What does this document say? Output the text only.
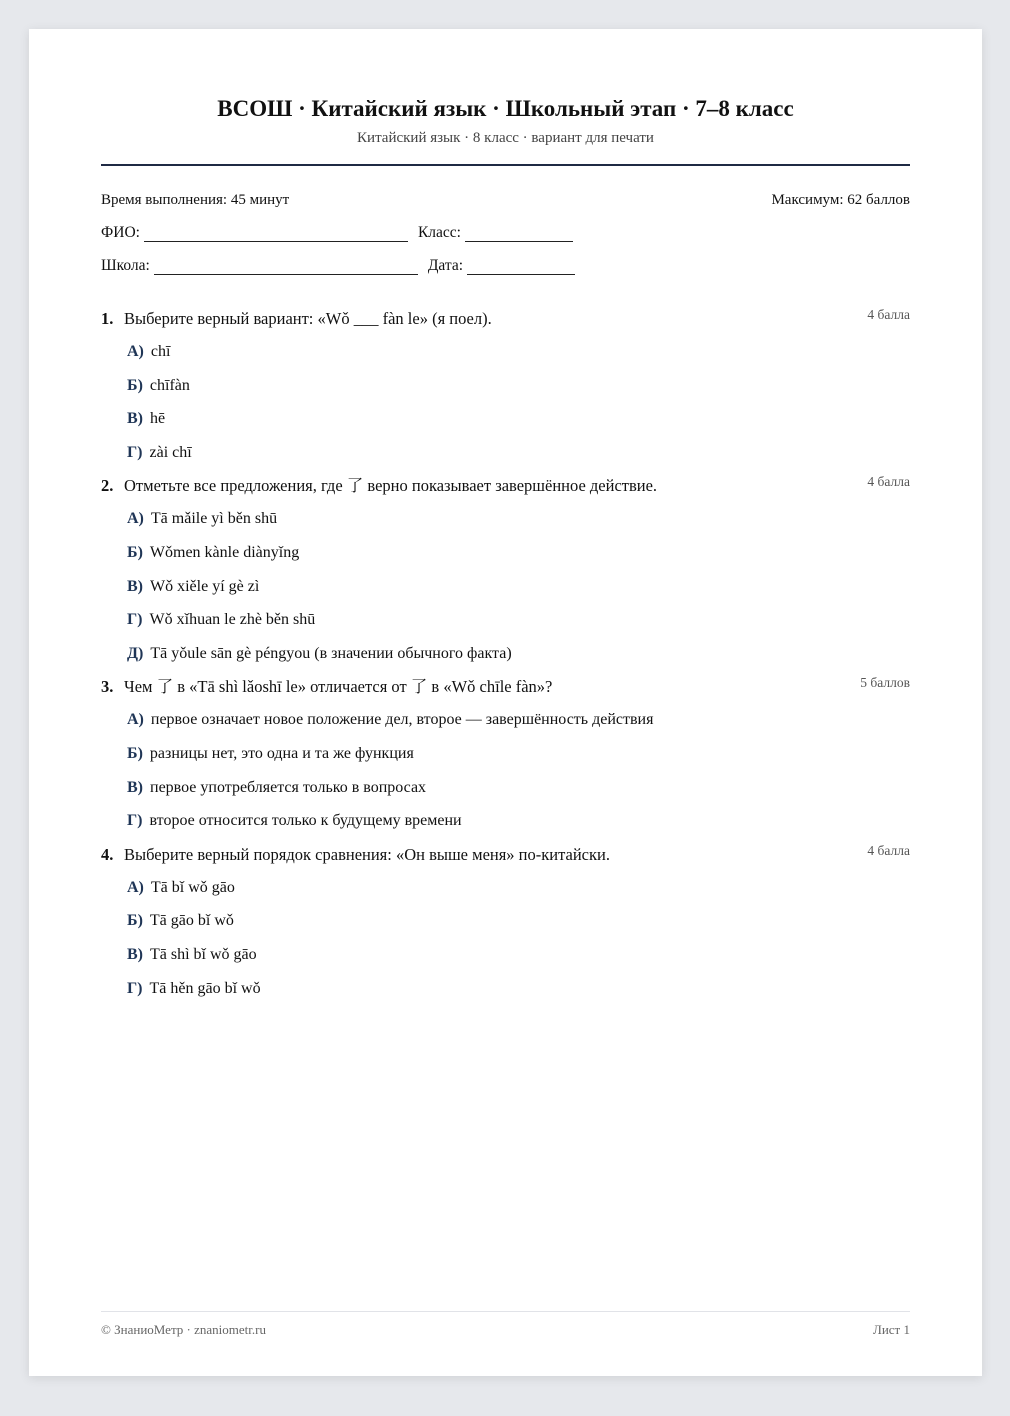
ВСОШ · Китайский язык · Школьный этап · 7–8 класс
Китайский язык · 8 класс · вариант для печати
Время выполнения: 45 минут	Максимум: 62 баллов
ФИО:	Класс:
Школа:	Дата:
1. Выберите верный вариант: «Wǒ ___ fàn le» (я поел).	4 балла
А) chī
Б) chīfàn
В) hē
Г) zài chī
2. Отметьте все предложения, где 了 верно показывает завершённое действие.	4 балла
А) Tā mǎile yì běn shū
Б) Wǒmen kànle diànyǐng
В) Wǒ xiěle yí gè zì
Г) Wǒ xǐhuan le zhè běn shū
Д) Tā yǒule sān gè péngyou (в значении обычного факта)
3. Чем 了 в «Tā shì lǎoshī le» отличается от 了 в «Wǒ chīle fàn»?	5 баллов
А) первое означает новое положение дел, второе — завершённость действия
Б) разницы нет, это одна и та же функция
В) первое употребляется только в вопросах
Г) второе относится только к будущему времени
4. Выберите верный порядок сравнения: «Он выше меня» по-китайски.	4 балла
А) Tā bǐ wǒ gāo
Б) Tā gāo bǐ wǒ
В) Tā shì bǐ wǒ gāo
Г) Tā hěn gāo bǐ wǒ
© ЗнаниоМетр · znaniometr.ru	Лист 1
